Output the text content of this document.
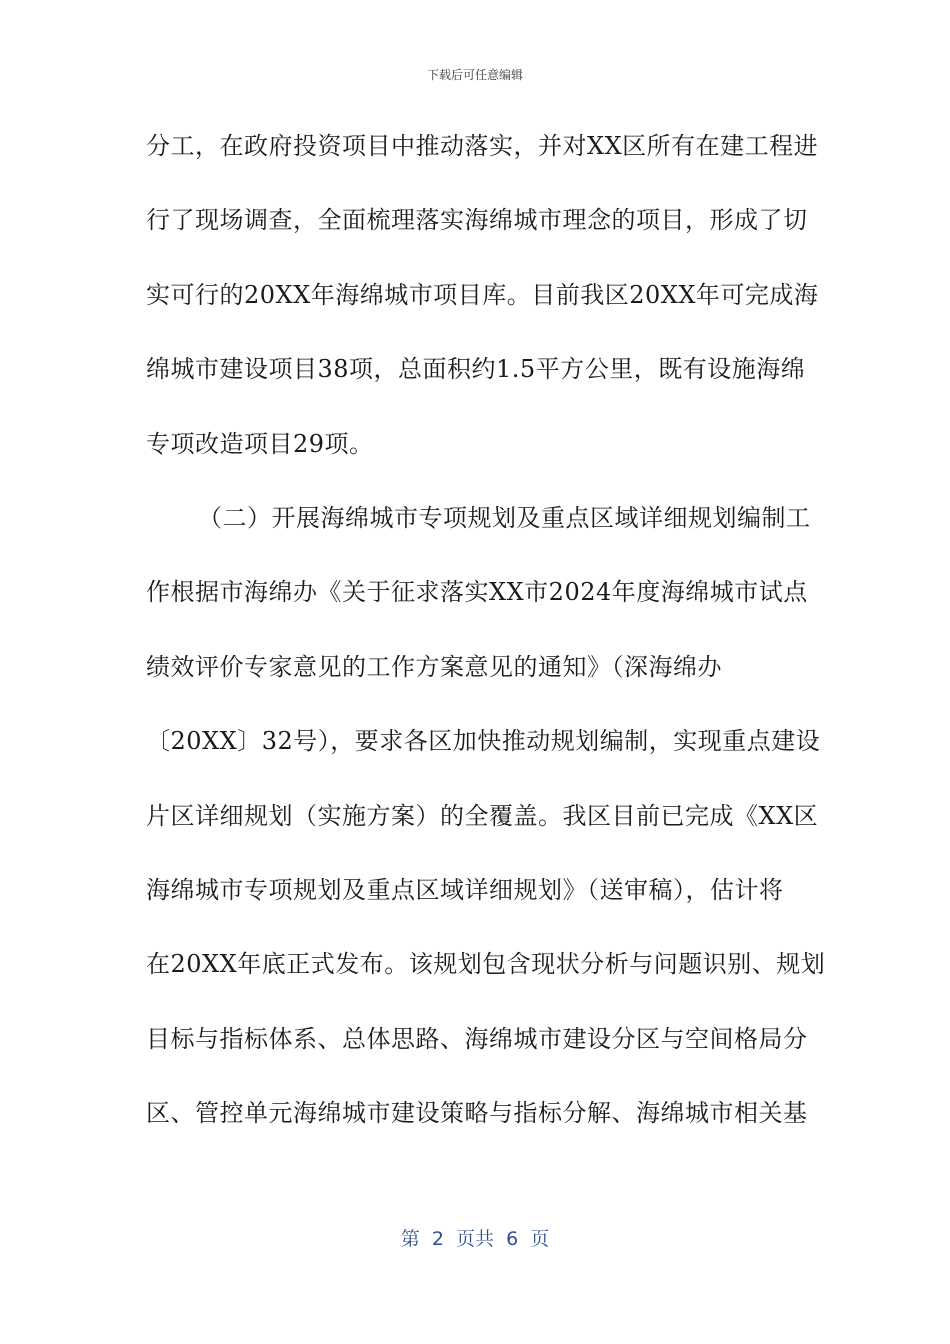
下载后可任意编辑
分工，在政府投资项目中推动落实，并对XX区所有在建工程进
行了现场调查，全面梳理落实海绵城市理念的项目，形成了切
实可行的20XX年海绵城市项目库。目前我区20XX年可完成海
绵城市建设项目38项，总面积约1.5平方公里，既有设施海绵
专项改造项目29项。
（二）开展海绵城市专项规划及重点区域详细规划编制工
作根据市海绵办《关于征求落实XX市2024年度海绵城市试点
绩效评价专家意见的工作方案意见的通知》（深海绵办
〔20XX〕32号），要求各区加快推动规划编制，实现重点建设
片区详细规划（实施方案）的全覆盖。我区目前已完成《XX区
海绵城市专项规划及重点区域详细规划》（送审稿），估计将
在20XX年底正式发布。该规划包含现状分析与问题识别、规划
目标与指标体系、总体思路、海绵城市建设分区与空间格局分
区、管控单元海绵城市建设策略与指标分解、海绵城市相关基
第  2  页共  6  页
